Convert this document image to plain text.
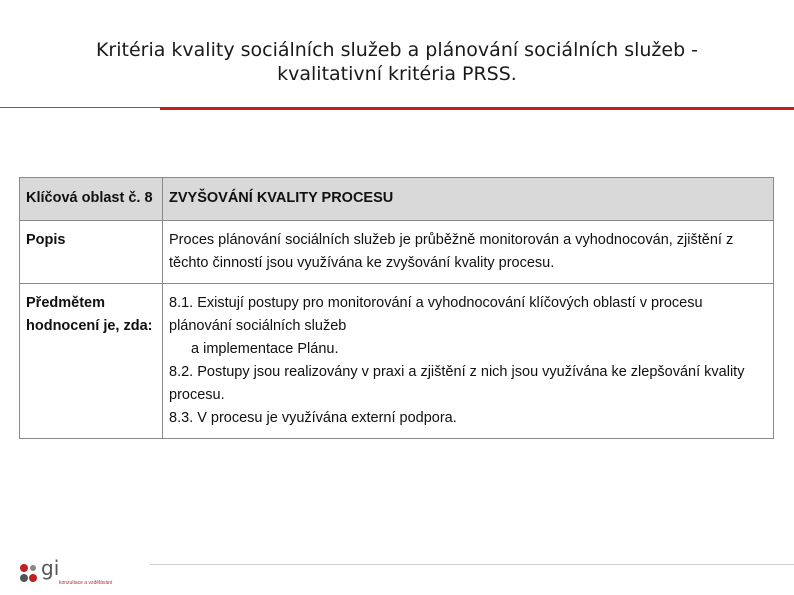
Kritéria kvality sociálních služeb a plánování sociálních služeb -
kvalitativní kritéria PRSS.
Klíčová oblast č. 8	ZVYŠOVÁNÍ KVALITY PROCESU
Popis	Proces plánování sociálních služeb je průběžně monitorován a vyhodnocován, zjištění z těchto činností jsou využívána ke zvyšování kvality procesu.
Předmětem hodnocení je, zda:	8.1. Existují postupy pro monitorování a vyhodnocování klíčových oblastí v procesu plánování sociálních služeb
a implementace Plánu.
8.2. Postupy jsou realizovány v praxi a zjištění z nich jsou využívána ke zlepšování kvality procesu.
8.3. V procesu je využívána externí podpora.
gi
konzultace a vzdělávání
